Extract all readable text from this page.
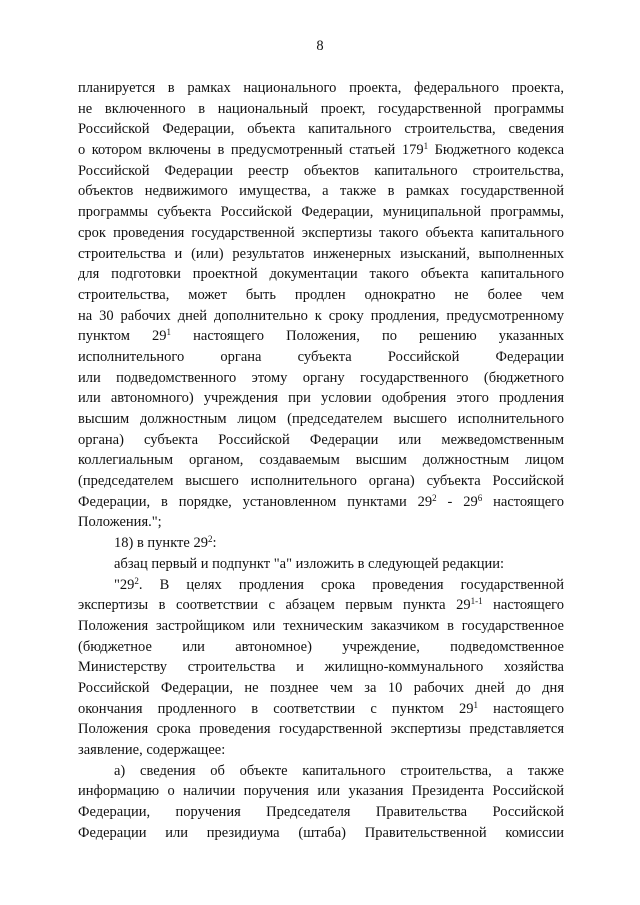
8
планируется в рамках национального проекта, федерального проекта,
не включенного в национальный проект, государственной программы
Российской Федерации, объекта капитального строительства, сведения
о котором включены в предусмотренный статьей $179^1$ Бюджетного кодекса
Российской Федерации реестр объектов капитального строительства,
объектов недвижимого имущества, а также в рамках государственной
программы субъекта Российской Федерации, муниципальной программы,
срок проведения государственной экспертизы такого объекта капитального
строительства и (или) результатов инженерных изысканий, выполненных
для подготовки проектной документации такого объекта капитального
строительства, может быть продлен однократно не более чем
на 30 рабочих дней дополнительно к сроку продления, предусмотренному
пунктом $29^1$ настоящего Положения, по решению указанных
исполнительного органа субъекта Российской Федерации
или подведомственного этому органу государственного (бюджетного
или автономного) учреждения при условии одобрения этого продления
высшим должностным лицом (председателем высшего исполнительного
органа) субъекта Российской Федерации или межведомственным
коллегиальным органом, создаваемым высшим должностным лицом
(председателем высшего исполнительного органа) субъекта Российской
Федерации, в порядке, установленном пунктами $29^2 - 29^6$ настоящего
Положения.";
18) в пункте $29^2$:
абзац первый и подпункт "а" изложить в следующей редакции:
"$29^2$. В целях продления срока проведения государственной
экспертизы в соответствии с абзацем первым пункта 29$^{1-1}$ настоящего
Положения застройщиком или техническим заказчиком в государственное
(бюджетное или автономное) учреждение, подведомственное
Министерству строительства и жилищно-коммунального хозяйства
Российской Федерации, не позднее чем за 10 рабочих дней до дня
окончания продленного в соответствии с пунктом $29^1$ настоящего
Положения срока проведения государственной экспертизы представляется
заявление, содержащее:
а) сведения об объекте капитального строительства, а также
информацию о наличии поручения или указания Президента Российской
Федерации, поручения Председателя Правительства Российской
Федерации или президиума (штаба) Правительственной комиссии
